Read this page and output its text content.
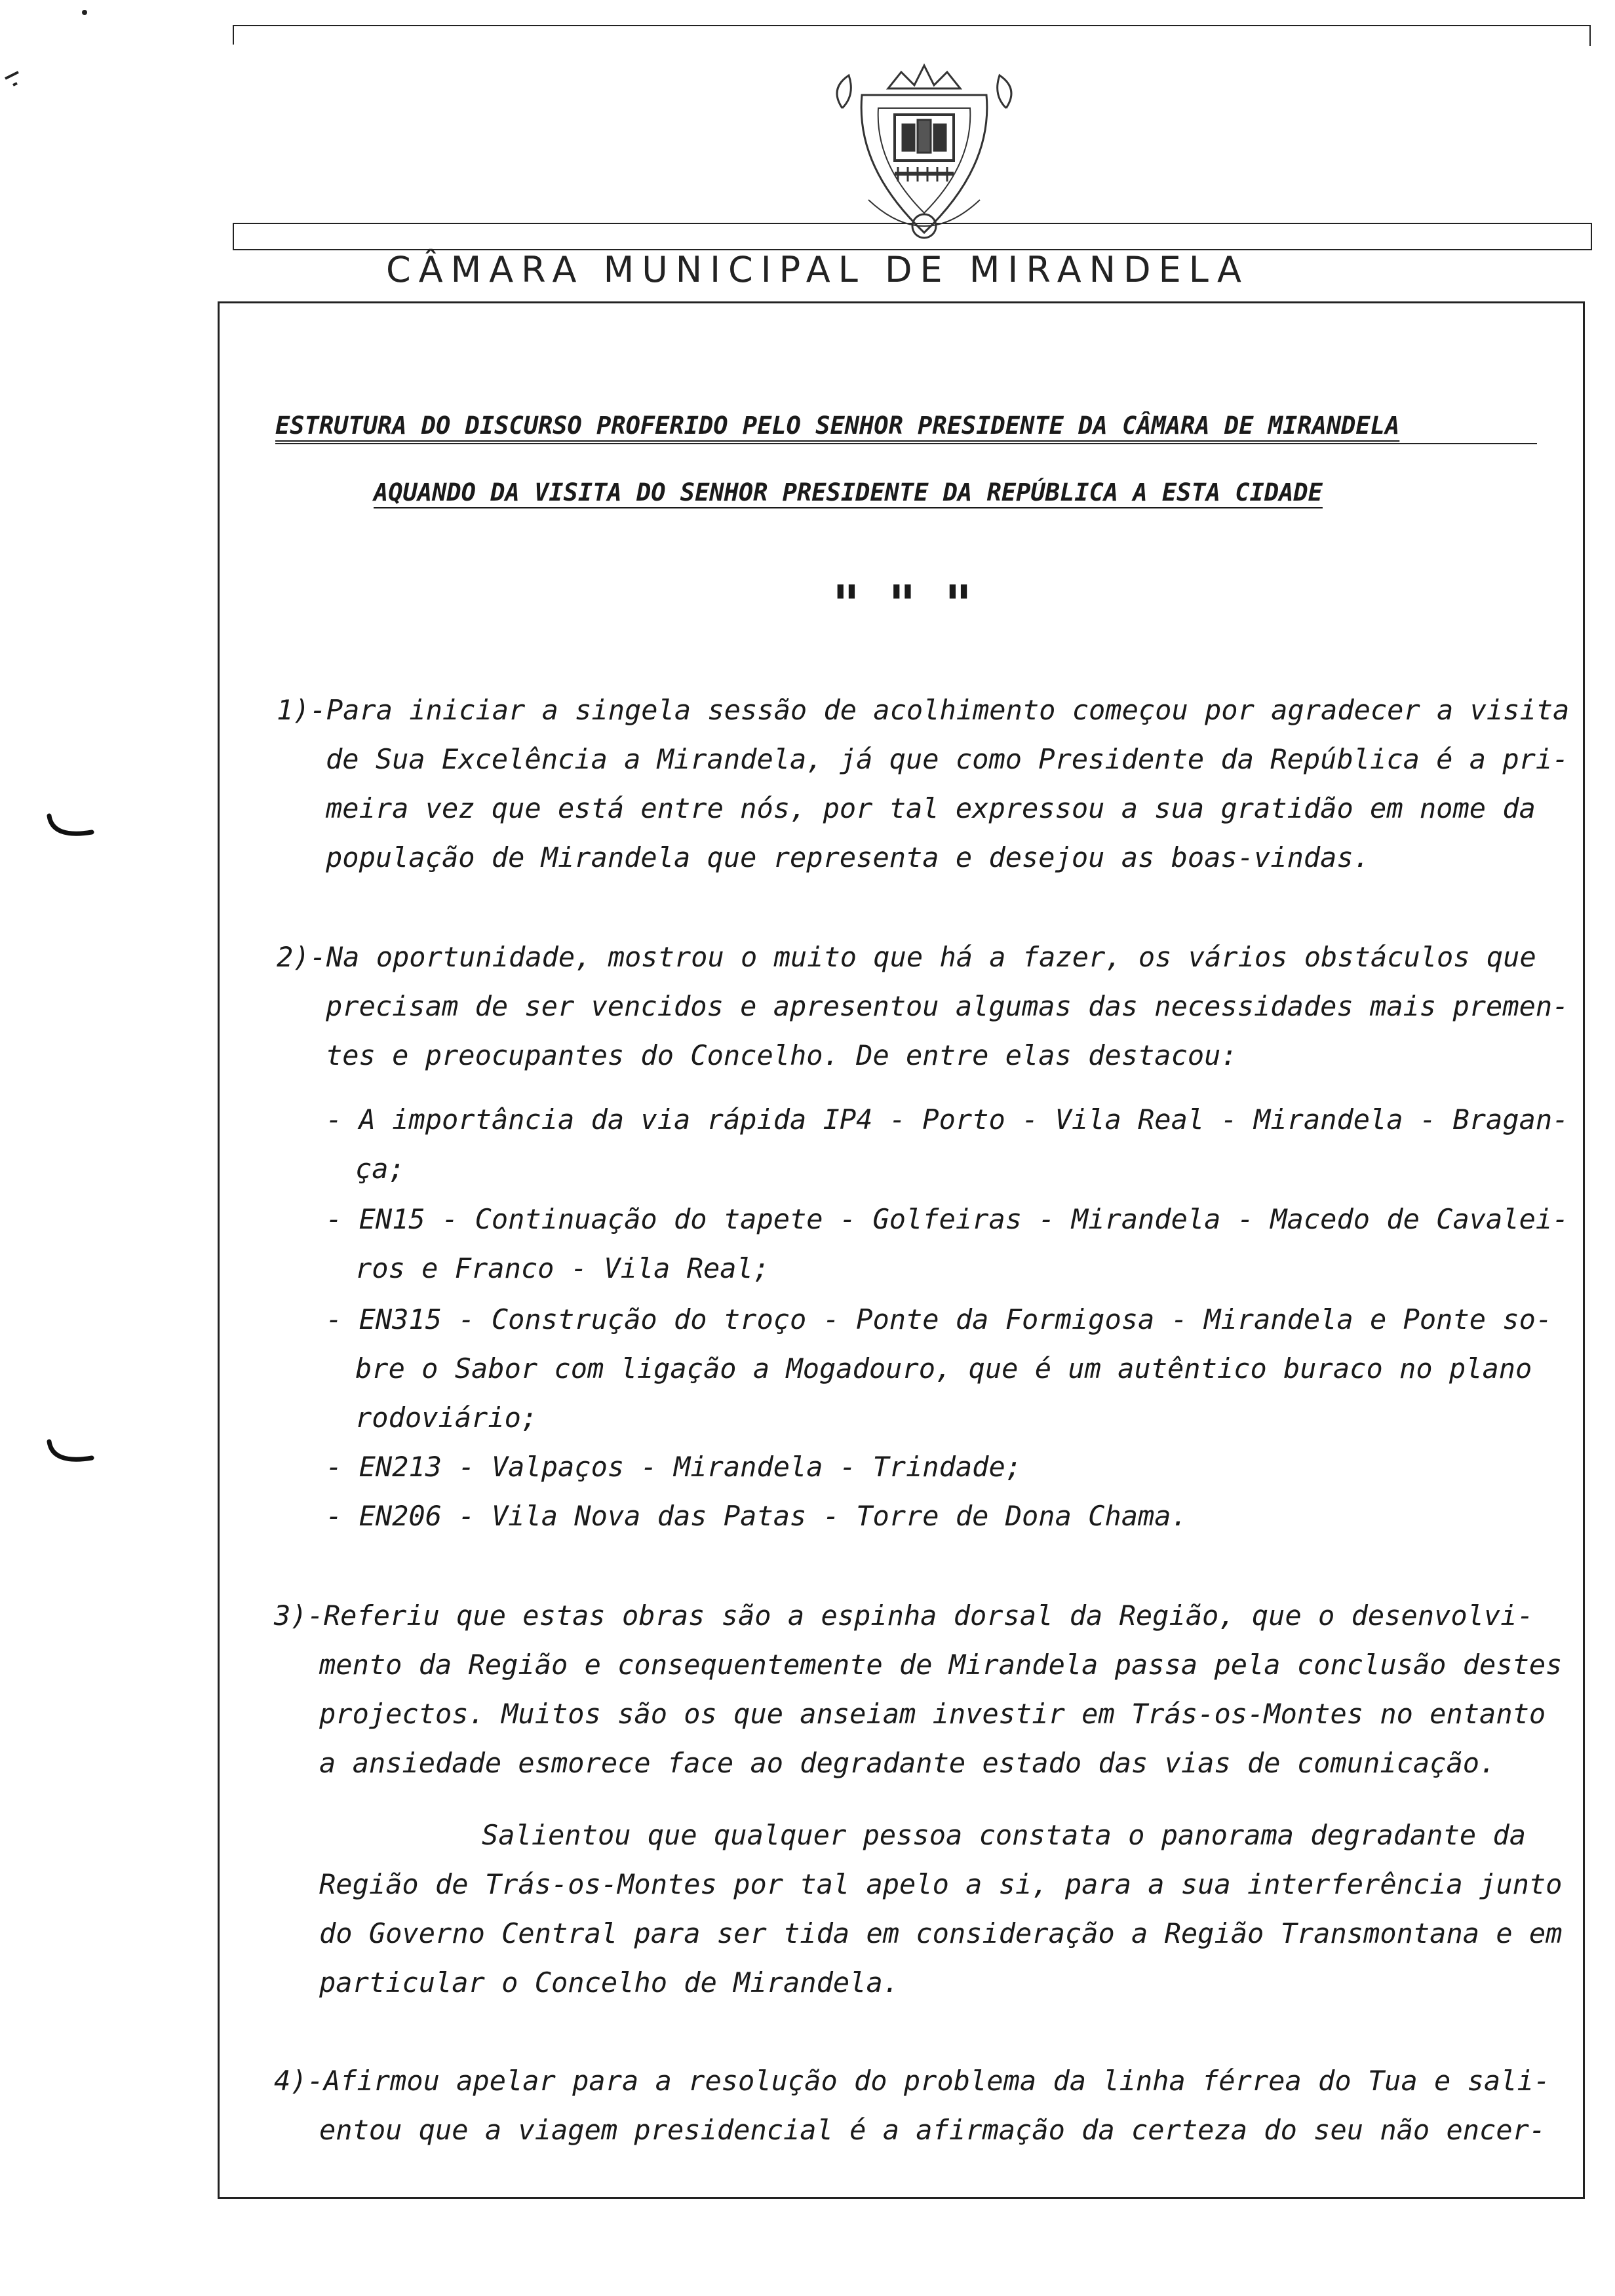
CÂMARA MUNICIPAL DE MIRANDELA
ESTRUTURA DO DISCURSO PROFERIDO PELO SENHOR PRESIDENTE DA CÂMARA DE MIRANDELA
AQUANDO DA VISITA DO SENHOR PRESIDENTE DA REPÚBLICA A ESTA CIDADE
" " "
1)-Para iniciar a singela sessão de acolhimento começou por agradecer a visita
de Sua Excelência a Mirandela, já que como Presidente da República é a pri-
meira vez que está entre nós, por tal expressou a sua gratidão em nome da
população de Mirandela que representa e desejou as boas-vindas.
2)-Na oportunidade, mostrou o muito que há a fazer, os vários obstáculos que
precisam de ser vencidos e apresentou algumas das necessidades mais premen-
tes e preocupantes do Concelho. De entre elas destacou:
- A importância da via rápida IP4 - Porto - Vila Real - Mirandela - Bragan-
ça;
- EN15 - Continuação do tapete - Golfeiras - Mirandela - Macedo de Cavalei-
ros e Franco - Vila Real;
- EN315 - Construção do troço - Ponte da Formigosa - Mirandela e Ponte so-
bre o Sabor com ligação a Mogadouro, que é um autêntico buraco no plano
rodoviário;
- EN213 - Valpaços - Mirandela - Trindade;
- EN206 - Vila Nova das Patas - Torre de Dona Chama.
3)-Referiu que estas obras são a espinha dorsal da Região, que o desenvolvi-
mento da Região e consequentemente de Mirandela passa pela conclusão destes
projectos. Muitos são os que anseiam investir em Trás-os-Montes no entanto
a ansiedade esmorece face ao degradante estado das vias de comunicação.
Salientou que qualquer pessoa constata o panorama degradante da
Região de Trás-os-Montes por tal apelo a si, para a sua interferência junto
do Governo Central para ser tida em consideração a Região Transmontana e em
particular o Concelho de Mirandela.
4)-Afirmou apelar para a resolução do problema da linha férrea do Tua e sali-
entou que a viagem presidencial é a afirmação da certeza do seu não encer-
